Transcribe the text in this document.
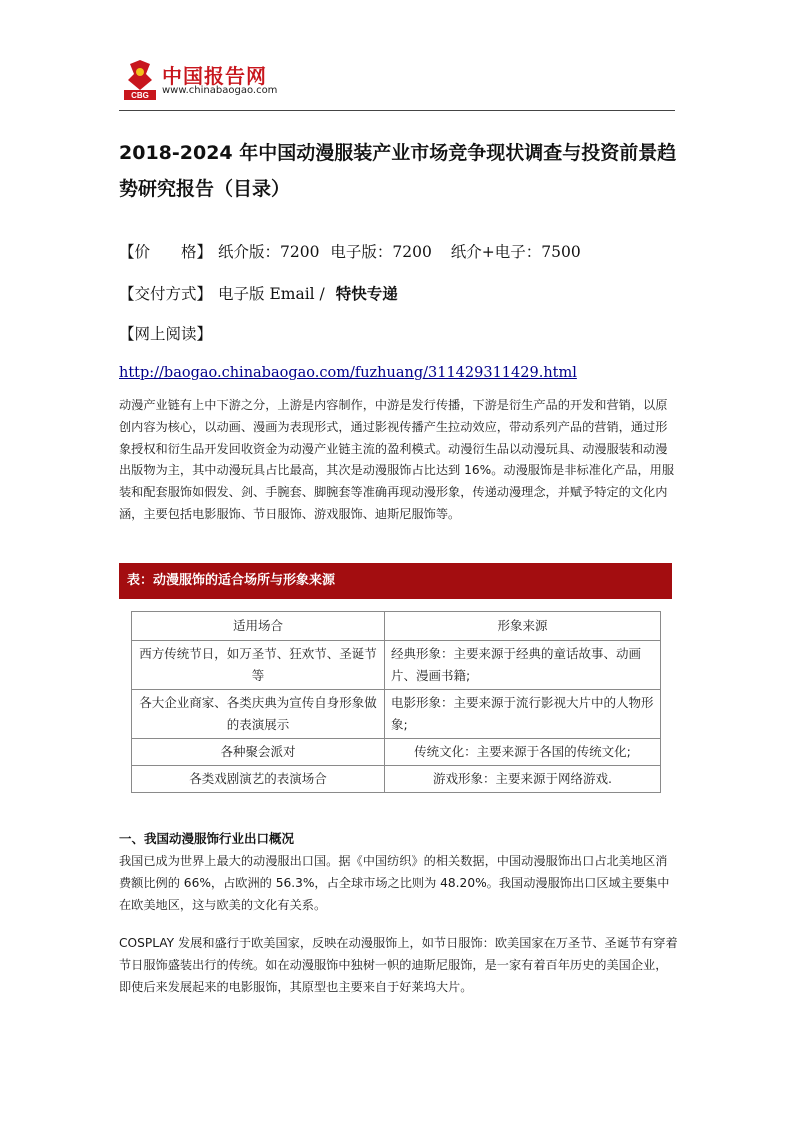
CBG
中国报告网
www.chinabaogao.com
2018-2024 年中国动漫服装产业市场竞争现状调查与投资前景趋势研究报告（目录）
【价　　格】 纸介版：7200 电子版：7200 纸介+电子：7500
【交付方式】 电子版 Email / 特快专递
【网上阅读】
http://baogao.chinabaogao.com/fuzhuang/311429311429.html

动漫产业链有上中下游之分，上游是内容制作，中游是发行传播，下游是衍生产品的开发和营销，以原创内容为核心，以动画、漫画为表现形式，通过影视传播产生拉动效应，带动系列产品的营销，通过形象授权和衍生品开发回收资金为动漫产业链主流的盈利模式。动漫衍生品以动漫玩具、动漫服装和动漫出版物为主，其中动漫玩具占比最高，其次是动漫服饰占比达到 16%。动漫服饰是非标准化产品，用服装和配套服饰如假发、剑、手腕套、脚腕套等准确再现动漫形象，传递动漫理念，并赋予特定的文化内涵，主要包括电影服饰、节日服饰、游戏服饰、迪斯尼服饰等。

表：动漫服饰的适合场所与形象来源
适用场合	形象来源
西方传统节日，如万圣节、狂欢节、圣诞节等	经典形象：主要来源于经典的童话故事、动画片、漫画书籍;
各大企业商家、各类庆典为宣传自身形象做的表演展示	电影形象：主要来源于流行影视大片中的人物形象;
各种聚会派对	传统文化：主要来源于各国的传统文化;
各类戏剧演艺的表演场合	游戏形象：主要来源于网络游戏.
一、我国动漫服饰行业出口概况

我国已成为世界上最大的动漫服出口国。据《中国纺织》的相关数据，中国动漫服饰出口占北美地区消费额比例的 66%，占欧洲的 56.3%，占全球市场之比则为 48.20%。我国动漫服饰出口区域主要集中在欧美地区，这与欧美的文化有关系。

COSPLAY 发展和盛行于欧美国家，反映在动漫服饰上，如节日服饰：欧美国家在万圣节、圣诞节有穿着节日服饰盛装出行的传统。如在动漫服饰中独树一帜的迪斯尼服饰，是一家有着百年历史的美国企业，即使后来发展起来的电影服饰，其原型也主要来自于好莱坞大片。
